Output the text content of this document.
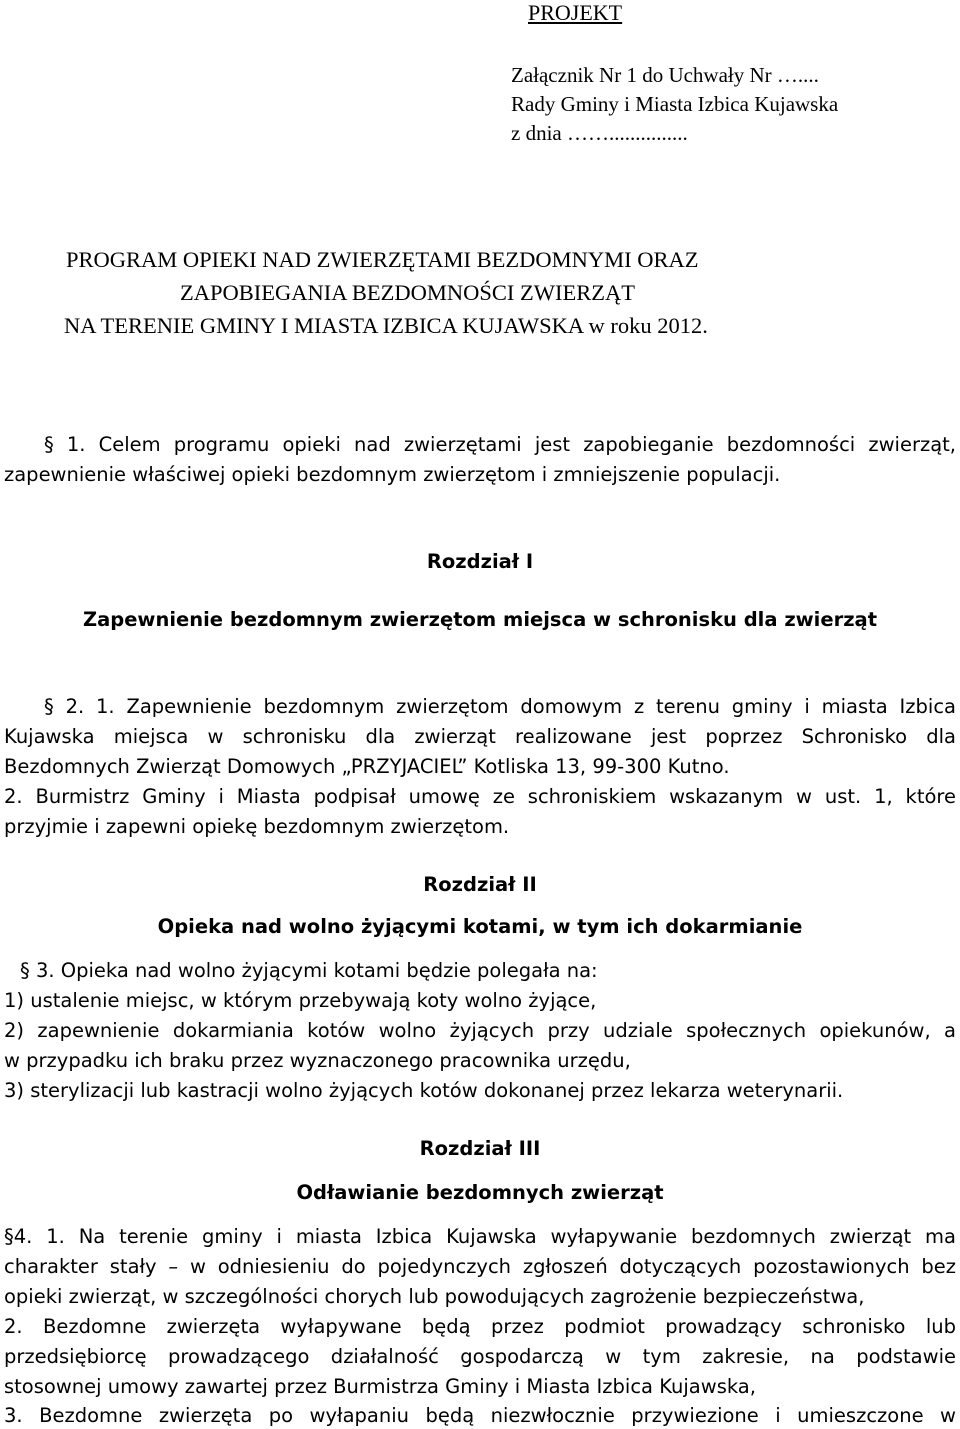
PROJEKT
Załącznik Nr 1 do Uchwały Nr …....
Rady Gminy i Miasta Izbica Kujawska
z dnia ……...............
PROGRAM OPIEKI NAD ZWIERZĘTAMI BEZDOMNYMI ORAZ
ZAPOBIEGANIA BEZDOMNOŚCI ZWIERZĄT
NA TERENIE GMINY I MIASTA IZBICA KUJAWSKA w roku 2012.
§ 1. Celem programu opieki nad zwierzętami jest zapobieganie bezdomności zwierząt,
zapewnienie właściwej opieki bezdomnym zwierzętom i zmniejszenie populacji.
Rozdział I
Zapewnienie bezdomnym zwierzętom miejsca w schronisku dla zwierząt
§ 2. 1. Zapewnienie bezdomnym zwierzętom domowym z terenu gminy i miasta Izbica
Kujawska miejsca w schronisku dla zwierząt realizowane jest poprzez Schronisko dla
Bezdomnych Zwierząt Domowych „PRZYJACIEL” Kotliska 13, 99-300 Kutno.
2. Burmistrz Gminy i Miasta podpisał umowę ze schroniskiem wskazanym w ust. 1, które
przyjmie i zapewni opiekę bezdomnym zwierzętom.
Rozdział II
Opieka nad wolno żyjącymi kotami, w tym ich dokarmianie
§ 3. Opieka nad wolno żyjącymi kotami będzie polegała na:
1) ustalenie miejsc, w którym przebywają koty wolno żyjące,
2) zapewnienie dokarmiania kotów wolno żyjących przy udziale społecznych opiekunów, a
w przypadku ich braku przez wyznaczonego pracownika urzędu,
3) sterylizacji lub kastracji wolno żyjących kotów dokonanej przez lekarza weterynarii.
Rozdział III
Odławianie bezdomnych zwierząt
§4. 1. Na terenie gminy i miasta Izbica Kujawska wyłapywanie bezdomnych zwierząt ma
charakter stały – w odniesieniu do pojedynczych zgłoszeń dotyczących pozostawionych bez
opieki zwierząt, w szczególności chorych lub powodujących zagrożenie bezpieczeństwa,
2. Bezdomne zwierzęta wyłapywane będą przez podmiot prowadzący schronisko lub
przedsiębiorcę prowadzącego działalność gospodarczą w tym zakresie, na podstawie
stosownej umowy zawartej przez Burmistrza Gminy i Miasta Izbica Kujawska,
3. Bezdomne zwierzęta po wyłapaniu będą niezwłocznie przywiezione i umieszczone w
